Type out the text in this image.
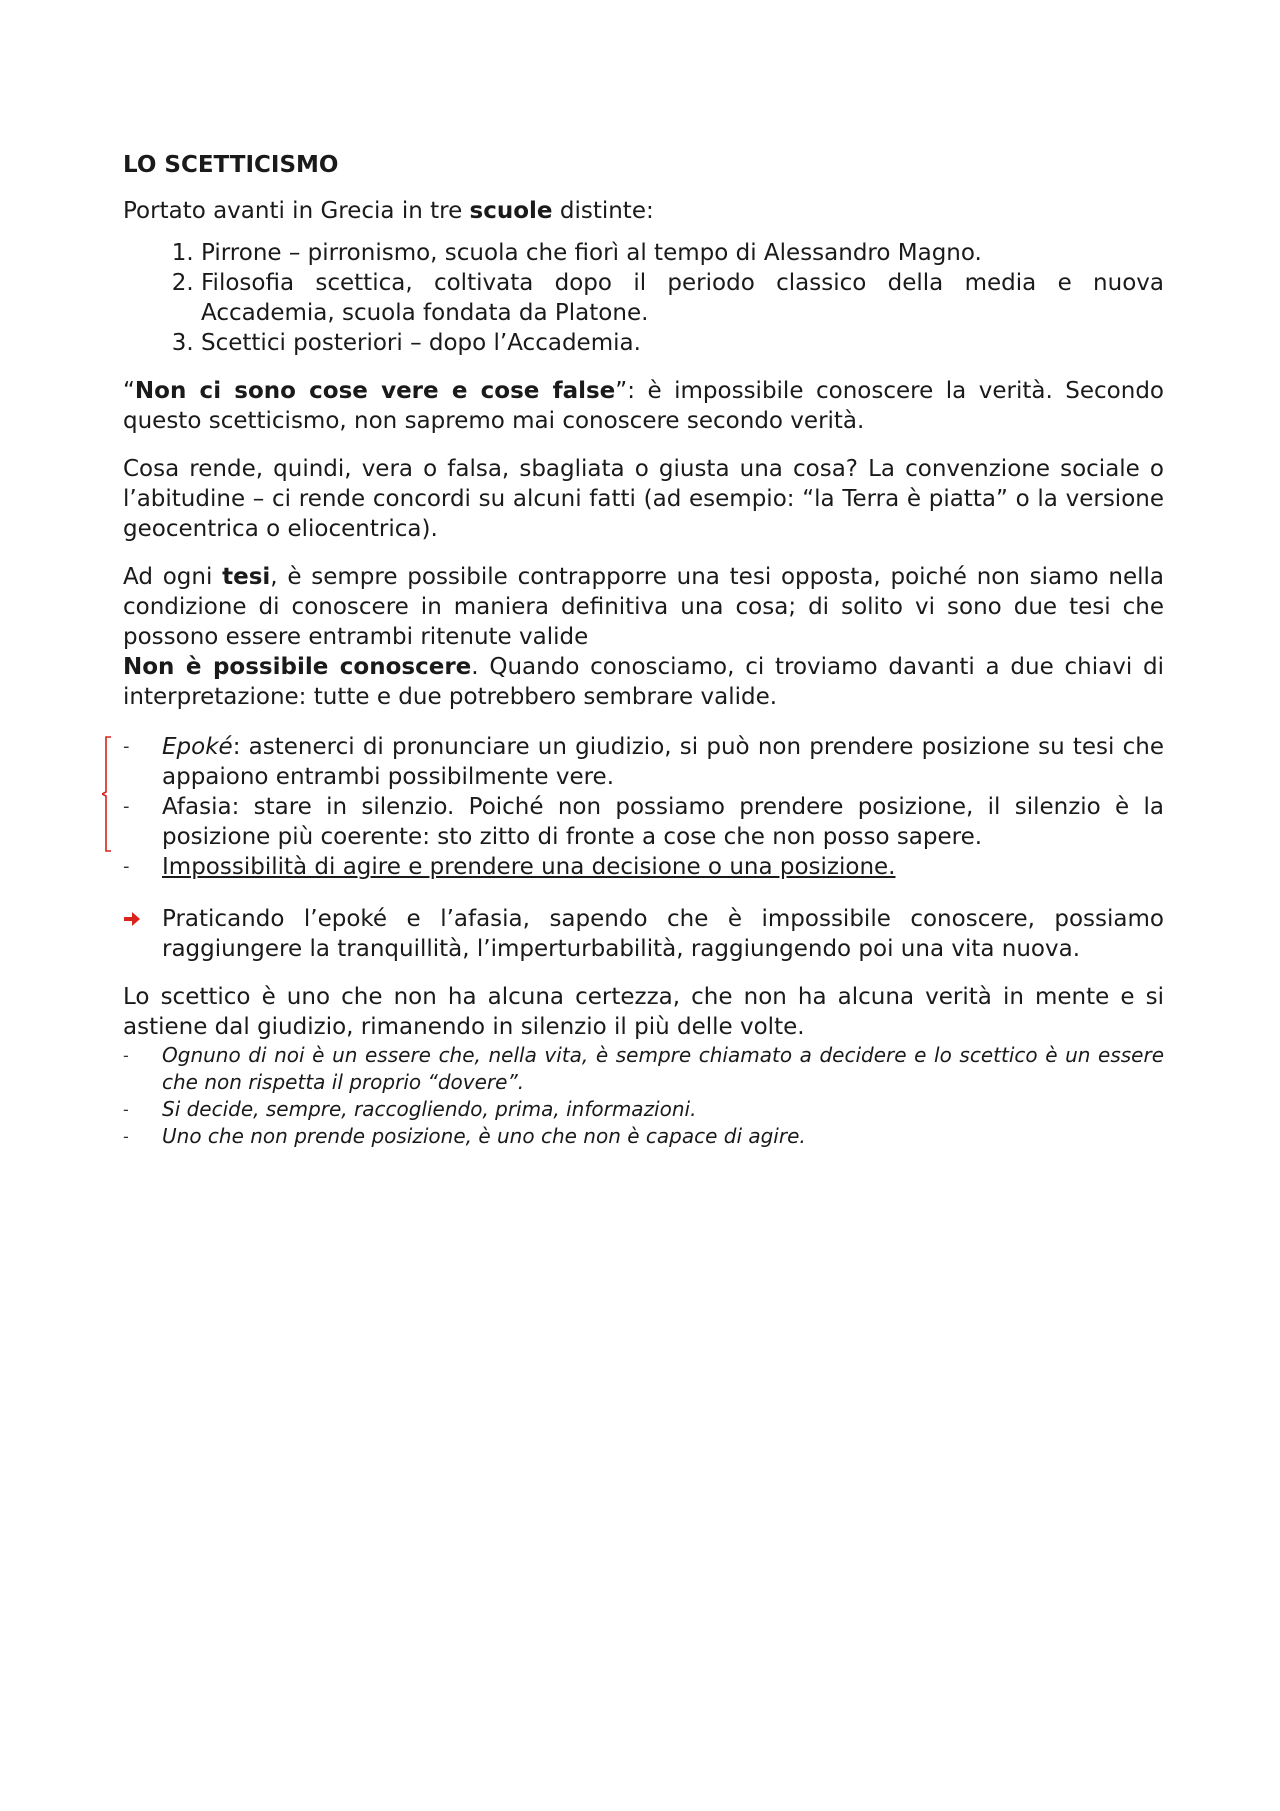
LO SCETTICISMO

Portato avanti in Grecia in tre scuole distinte:

1. Pirrone – pirronismo, scuola che fiorì al tempo di Alessandro Magno.
2. Filosofia scettica, coltivata dopo il periodo classico della media e nuova Accademia, scuola fondata da Platone.
3. Scettici posteriori – dopo l’Accademia.

“Non ci sono cose vere e cose false”: è impossibile conoscere la verità. Secondo questo scetticismo, non sapremo mai conoscere secondo verità.

Cosa rende, quindi, vera o falsa, sbagliata o giusta una cosa? La convenzione sociale o l’abitudine – ci rende concordi su alcuni fatti (ad esempio: “la Terra è piatta” o la versione geocentrica o eliocentrica).

Ad ogni tesi, è sempre possibile contrapporre una tesi opposta, poiché non siamo nella condizione di conoscere in maniera definitiva una cosa; di solito vi sono due tesi che possono essere entrambi ritenute valide

Non è possibile conoscere. Quando conosciamo, ci troviamo davanti a due chiavi di interpretazione: tutte e due potrebbero sembrare valide.

- Epoké: astenerci di pronunciare un giudizio, si può non prendere posizione su tesi che appaiono entrambi possibilmente vere.
- Afasia: stare in silenzio. Poiché non possiamo prendere posizione, il silenzio è la posizione più coerente: sto zitto di fronte a cose che non posso sapere.
- Impossibilità di agire e prendere una decisione o una posizione.
Praticando l’epoké e l’afasia, sapendo che è impossibile conoscere, possiamo raggiungere la tranquillità, l’imperturbabilità, raggiungendo poi una vita nuova.

Lo scettico è uno che non ha alcuna certezza, che non ha alcuna verità in mente e si astiene dal giudizio, rimanendo in silenzio il più delle volte.

- Ognuno di noi è un essere che, nella vita, è sempre chiamato a decidere e lo scettico è un essere che non rispetta il proprio “dovere”.
- Si decide, sempre, raccogliendo, prima, informazioni.
- Uno che non prende posizione, è uno che non è capace di agire.
